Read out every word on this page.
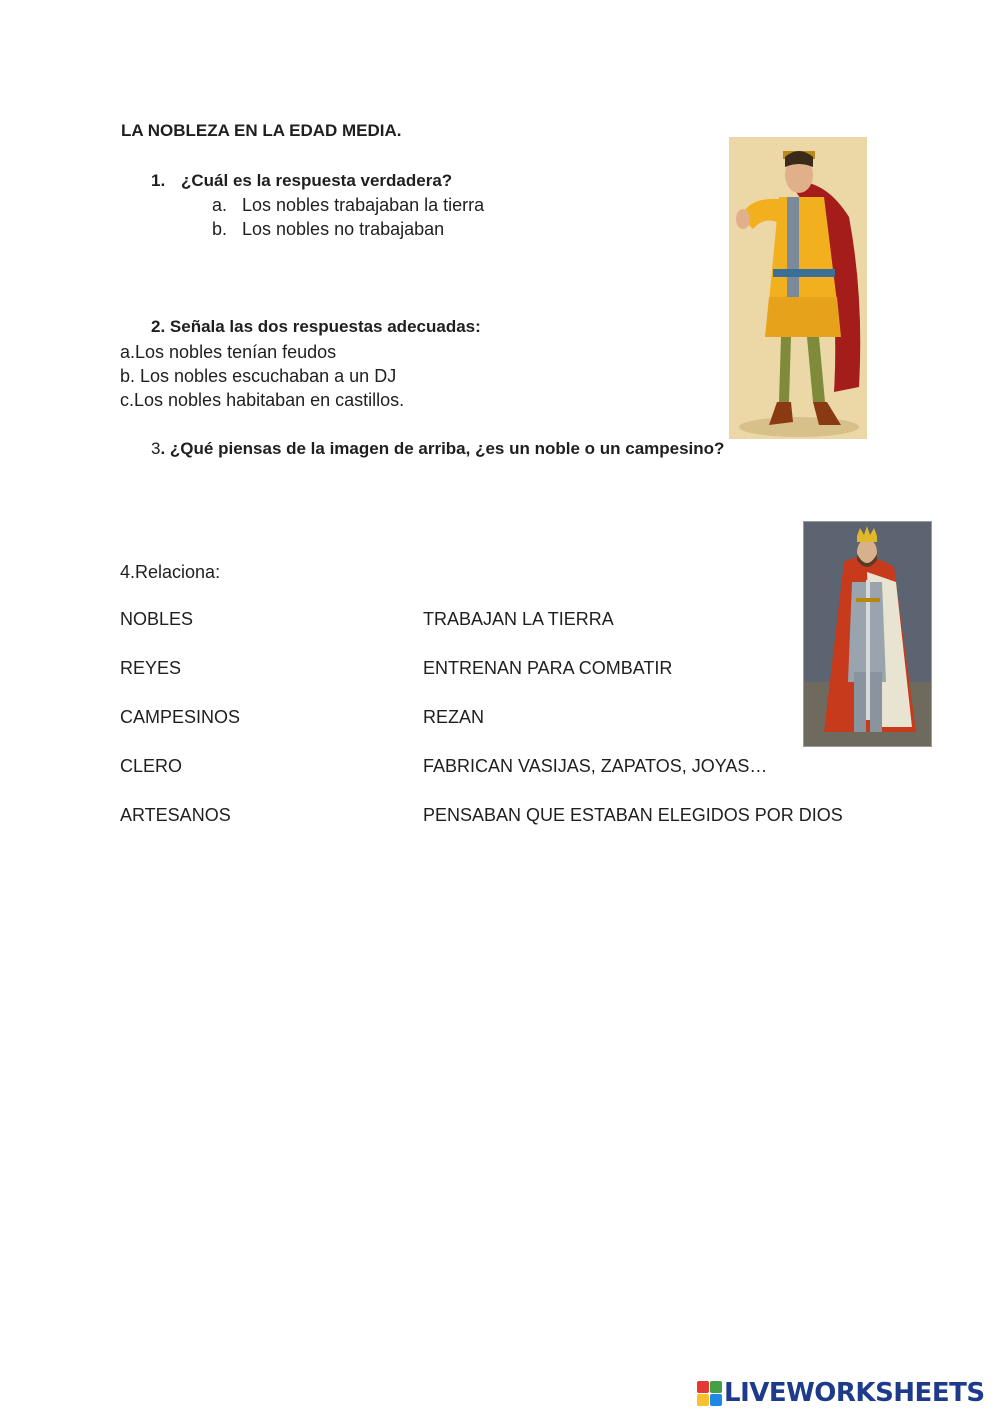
LA NOBLEZA EN LA EDAD MEDIA.
1. ¿Cuál es la respuesta verdadera?
a. Los nobles trabajaban la tierra
b. Los nobles no trabajaban
2. Señala las dos respuestas adecuadas:
a.Los nobles tenían feudos
b. Los nobles escuchaban a un DJ
c.Los nobles habitaban en castillos.
3. ¿Qué piensas de la imagen de arriba, ¿es un noble o un campesino?
4.Relaciona:
NOBLES
REYES
CAMPESINOS
CLERO
ARTESANOS
TRABAJAN LA TIERRA
ENTRENAN PARA COMBATIR
REZAN
FABRICAN VASIJAS, ZAPATOS, JOYAS…
PENSABAN QUE ESTABAN ELEGIDOS POR DIOS
LIVEWORKSHEETS
